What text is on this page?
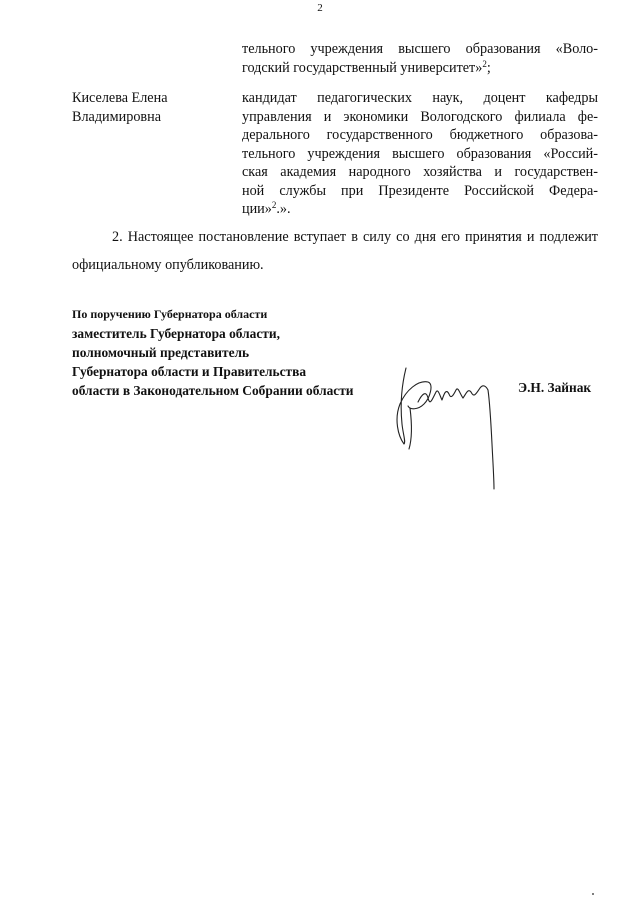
2
тельного учреждения высшего образования «Воло-
годский государственный университет»$^2$;
Киселева Елена
Владимировна
кандидат педагогических наук, доцент кафедры
управления и экономики Вологодского филиала фе-
дерального государственного бюджетного образова-
тельного учреждения высшего образования «Россий-
ская академия народного хозяйства и государствен-
ной службы при Президенте Российской Федера-
ции»$^2$.».
2. Настоящее постановление вступает в силу со дня его принятия и подлежит официальному опубликованию.
По поручению Губернатора области
заместитель Губернатора области,
полномочный представитель
Губернатора области и Правительства
области в Законодательном Собрании области	Э.Н. Зайнак
